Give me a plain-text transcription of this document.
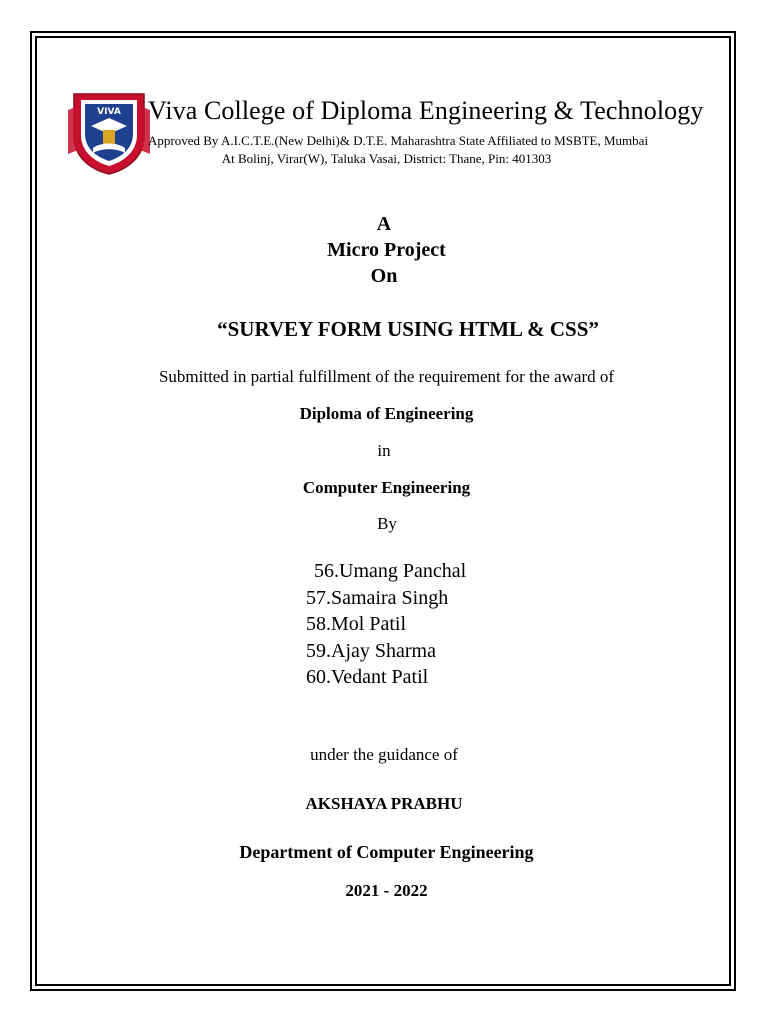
VIVA Viva College of Diploma Engineering & Technology
Approved By A.I.C.T.E.(New Delhi)& D.T.E. Maharashtra State Affiliated to MSBTE, Mumbai
At Bolinj, Virar(W), Taluka Vasai, District: Thane, Pin: 401303
A
Micro Project
On
“SURVEY FORM USING HTML & CSS”
Submitted in partial fulfillment of the requirement for the award of
Diploma of Engineering
in
Computer Engineering
By
56.Umang Panchal
57.Samaira Singh
58.Mol Patil
59.Ajay Sharma
60.Vedant Patil
under the guidance of
AKSHAYA PRABHU
Department of Computer Engineering
2021 - 2022
